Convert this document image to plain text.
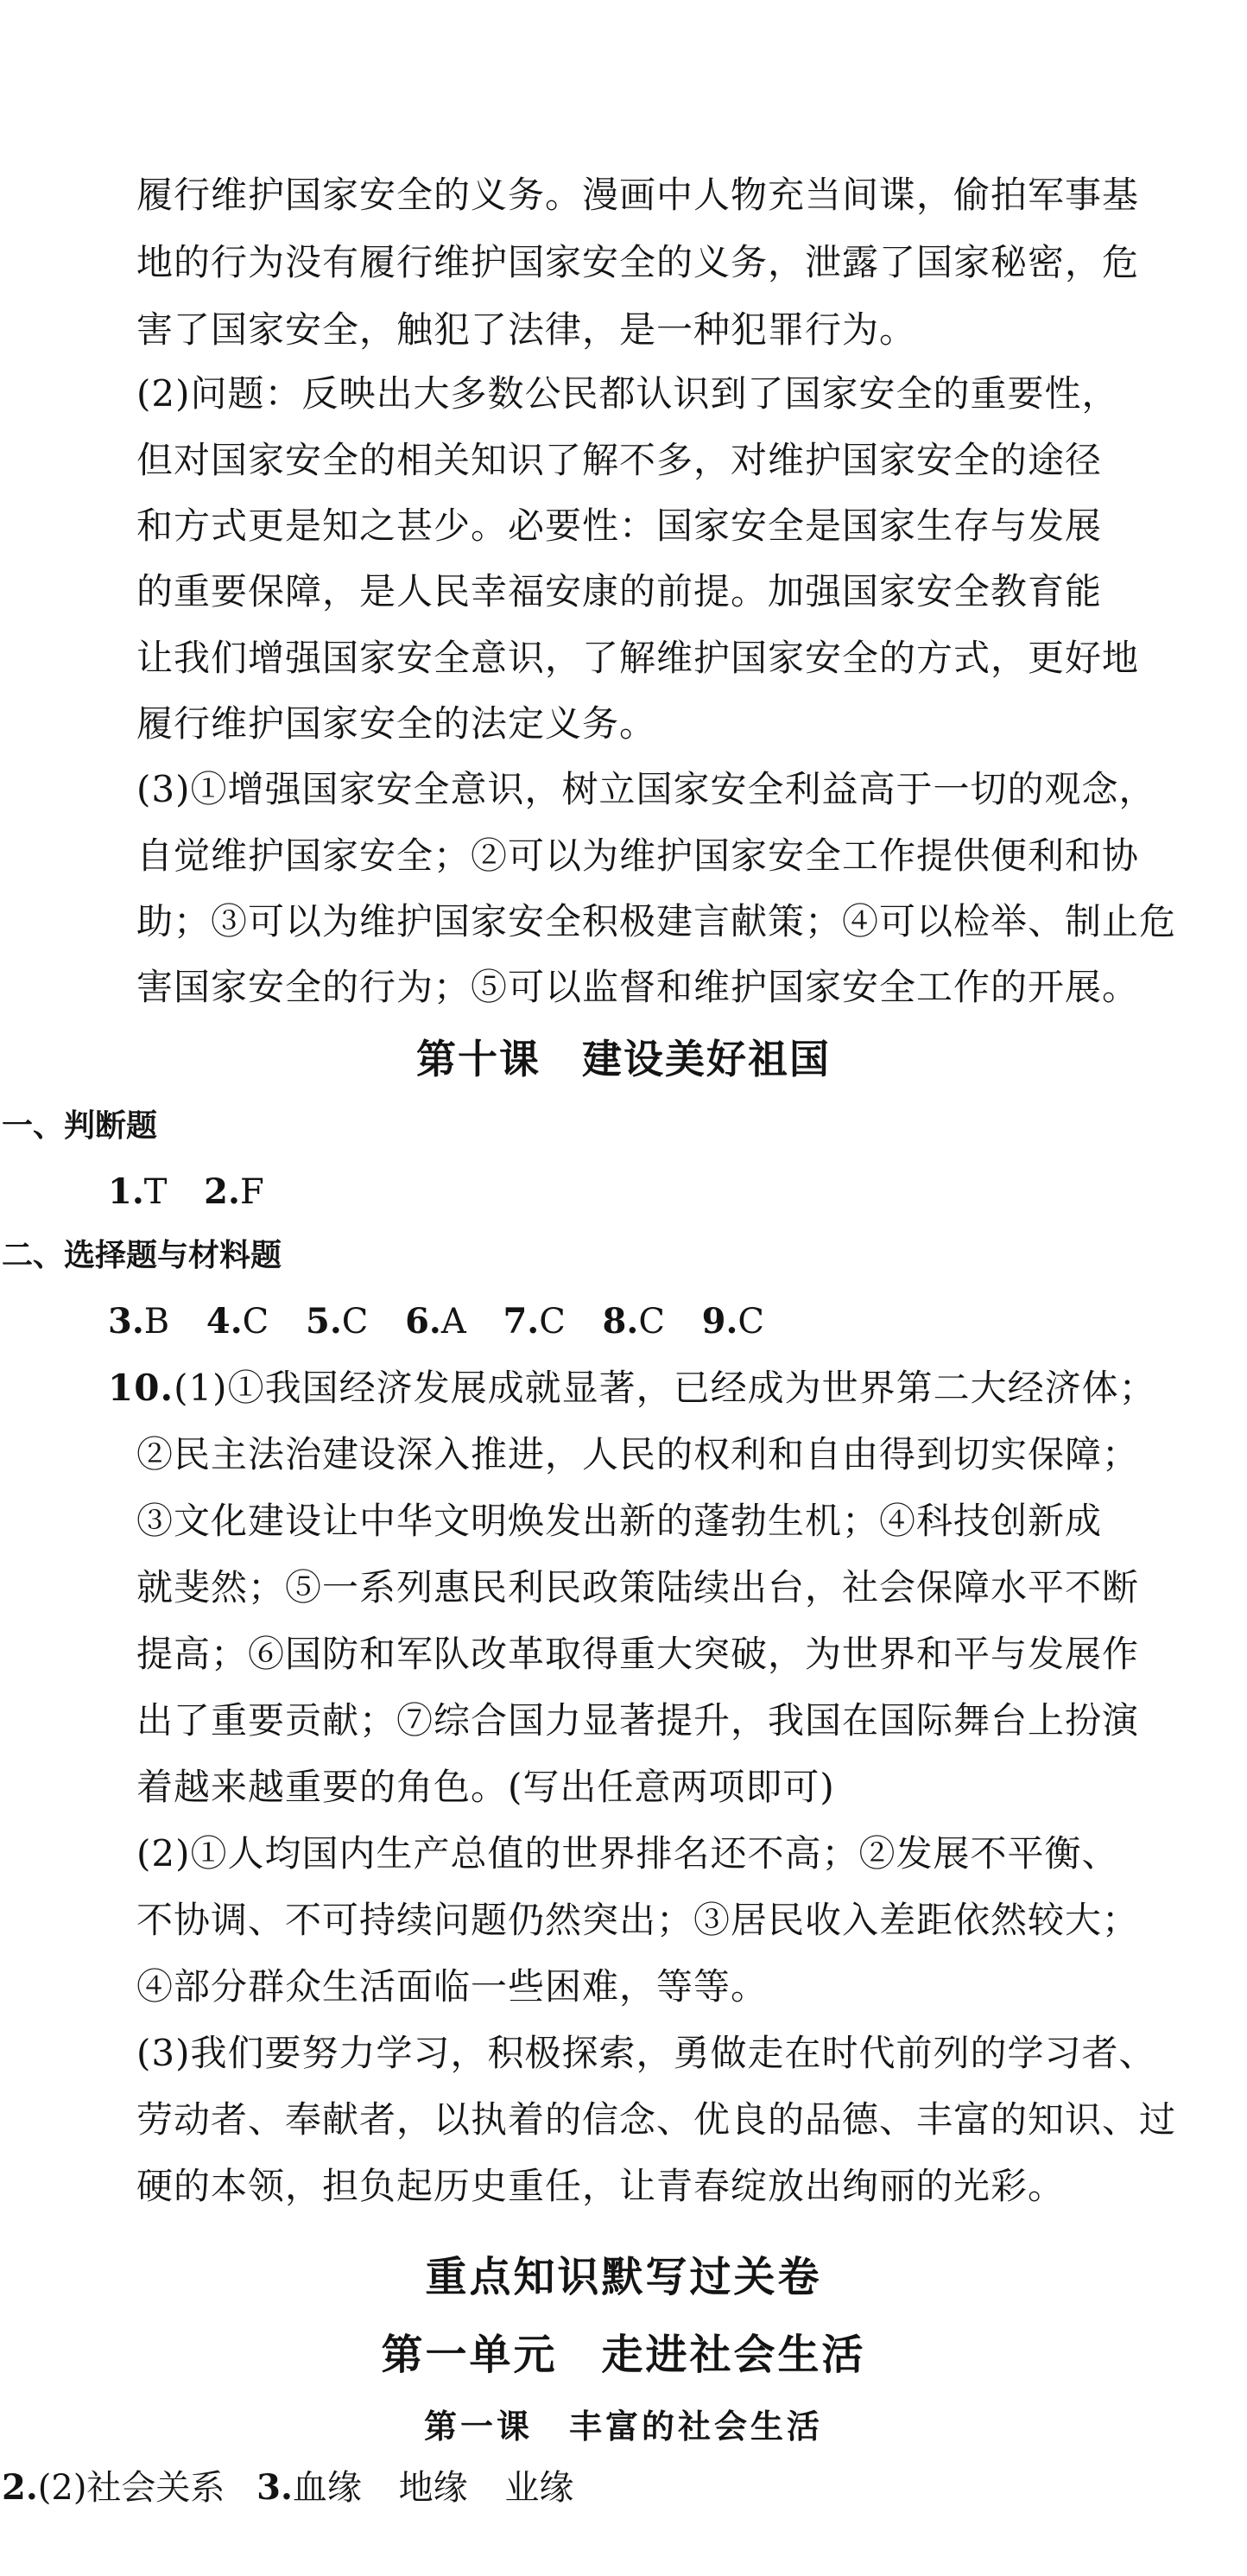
履行维护国家安全的义务。漫画中人物充当间谍，偷拍军事基
地的行为没有履行维护国家安全的义务，泄露了国家秘密，危
害了国家安全，触犯了法律，是一种犯罪行为。
(2)问题：反映出大多数公民都认识到了国家安全的重要性，
但对国家安全的相关知识了解不多，对维护国家安全的途径
和方式更是知之甚少。必要性：国家安全是国家生存与发展
的重要保障，是人民幸福安康的前提。加强国家安全教育能
让我们增强国家安全意识，了解维护国家安全的方式，更好地
履行维护国家安全的法定义务。
(3)①增强国家安全意识，树立国家安全利益高于一切的观念，
自觉维护国家安全；②可以为维护国家安全工作提供便利和协
助；③可以为维护国家安全积极建言献策；④可以检举、制止危
害国家安全的行为；⑤可以监督和维护国家安全工作的开展。
第十课　建设美好祖国
一、判断题
1.T 2.F
二、选择题与材料题
3.B 4.C 5.C 6.A 7.C 8.C 9.C
10.(1)①我国经济发展成就显著，已经成为世界第二大经济体；
②民主法治建设深入推进，人民的权利和自由得到切实保障；
③文化建设让中华文明焕发出新的蓬勃生机；④科技创新成
就斐然；⑤一系列惠民利民政策陆续出台，社会保障水平不断
提高；⑥国防和军队改革取得重大突破，为世界和平与发展作
出了重要贡献；⑦综合国力显著提升，我国在国际舞台上扮演
着越来越重要的角色。(写出任意两项即可)
(2)①人均国内生产总值的世界排名还不高；②发展不平衡、
不协调、不可持续问题仍然突出；③居民收入差距依然较大；
④部分群众生活面临一些困难，等等。
(3)我们要努力学习，积极探索，勇做走在时代前列的学习者、
劳动者、奉献者，以执着的信念、优良的品德、丰富的知识、过
硬的本领，担负起历史重任，让青春绽放出绚丽的光彩。
重点知识默写过关卷
第一单元　走进社会生活
第一课　丰富的社会生活
2.(2)社会关系 3.血缘 地缘 业缘
